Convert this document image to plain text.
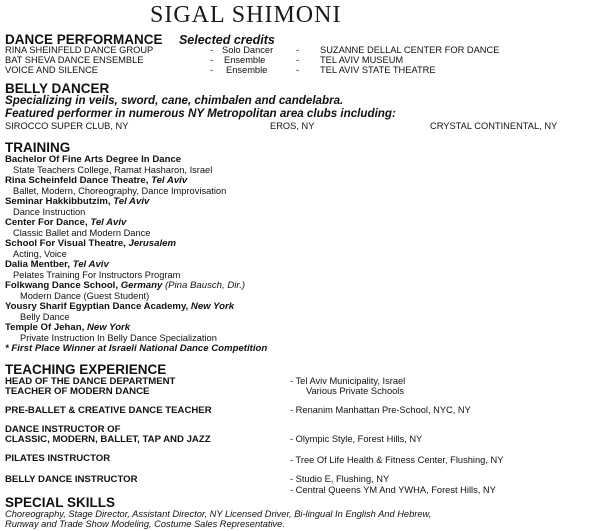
SIGAL SHIMONI
DANCE PERFORMANCE Selected credits
RINA SHEINFELD DANCE GROUP	- Solo Dancer - SUZANNE DELLAL CENTER FOR DANCE
BAT SHEVA DANCE ENSEMBLE	- Ensemble	- TEL AVIV MUSEUM
VOICE AND SILENCE	- Ensemble	- TEL AVIV STATE THEATRE
BELLY DANCER
Specializing in veils, sword, cane, chimbalen and candelabra.
Featured performer in numerous NY Metropolitan area clubs including:
SIROCCO SUPER CLUB, NY	EROS, NY	CRYSTAL CONTINENTAL, NY
TRAINING
Bachelor Of Fine Arts Degree In Dance
State Teachers College, Ramat Hasharon, Israel
Rina Scheinfeld Dance Theatre, Tel Aviv
Ballet, Modern, Choreography, Dance Improvisation
Seminar Hakkibbutzim, Tel Aviv
Dance Instruction
Center For Dance, Tel Aviv
Classic Ballet and Modern Dance
School For Visual Theatre, Jerusalem
Acting, Voice
Dalia Mentber, Tel Aviv
Pelates Training For Instructors Program
Folkwang Dance School, Germany (Pina Bausch, Dir.)
Modern Dance (Guest Student)
Yousry Sharif Egyptian Dance Academy, New York
Belly Dance
Temple Of Jehan, New York
Private Instruction In Belly Dance Specialization
* First Place Winner at Israeli National Dance Competition
TEACHING EXPERIENCE
HEAD OF THE DANCE DEPARTMENT
TEACHER OF MODERN DANCE
- Tel Aviv Municipality, Israel
Various Private Schools
PRE-BALLET & CREATIVE DANCE TEACHER	- Renanim Manhattan Pre-School, NYC, NY
DANCE INSTRUCTOR OF
CLASSIC, MODERN, BALLET, TAP AND JAZZ	- Olympic Style, Forest Hills, NY
PILATES INSTRUCTOR	- Tree Of Life Health & Fitness Center, Flushing, NY
BELLY DANCE INSTRUCTOR	- Studio E, Flushing, NY
- Central Queens YM And YWHA, Forest Hills, NY
SPECIAL SKILLS
Choreography, Stage Director, Assistant Director, NY Licensed Driver, Bi-lingual In English And Hebrew,
Runway and Trade Show Modeling, Costume Sales Representative.
